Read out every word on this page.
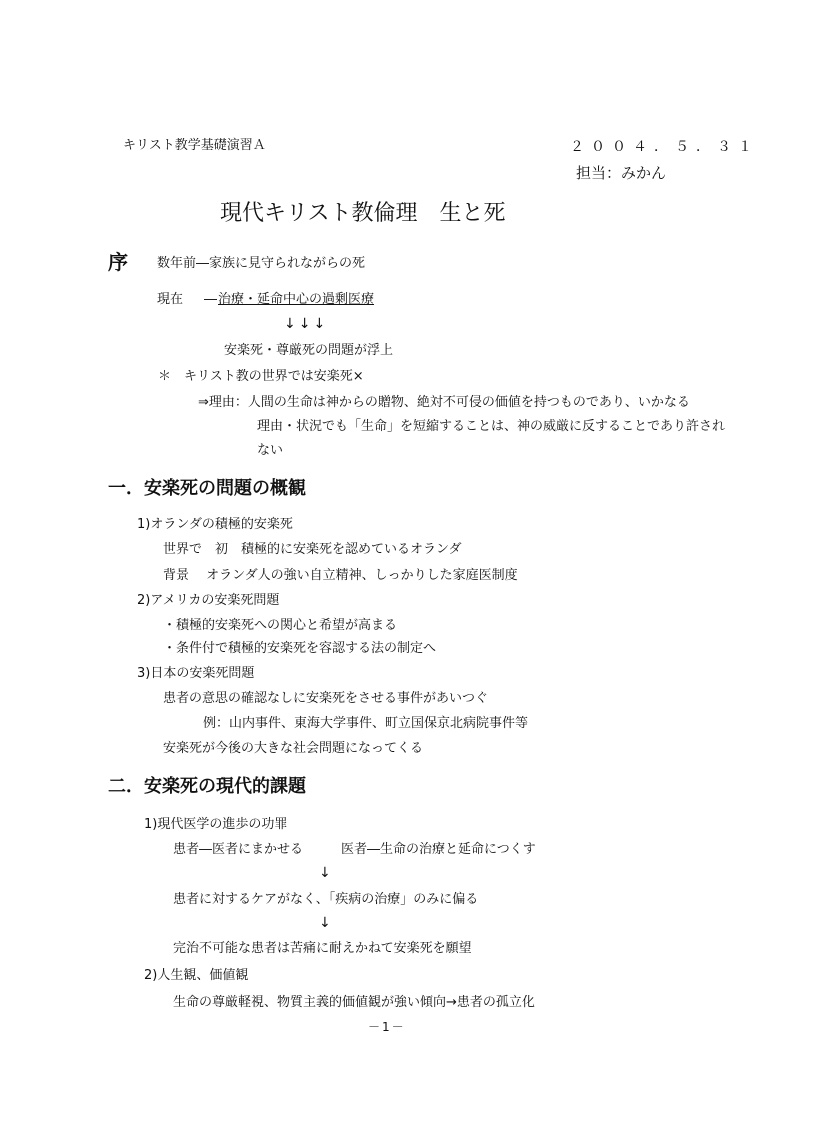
キリスト教学基礎演習Ａ	２００４．５．３１
担当：みかん
現代キリスト教倫理　生と死
序 数年前―家族に見守られながらの死
現在 ― 治療・延命中心の過剰医療
↓↓↓
安楽死・尊厳死の問題が浮上
＊　キリスト教の世界では安楽死×
⇒理由：人間の生命は神からの贈物、絶対不可侵の価値を持つものであり、いかなる
理由・状況でも「生命」を短縮することは、神の威厳に反することであり許され
ない
一．安楽死の問題の概観
1)オランダの積極的安楽死
世界で　初　積極的に安楽死を認めているオランダ
背景　 オランダ人の強い自立精神、しっかりした家庭医制度
2)アメリカの安楽死問題
・積極的安楽死への関心と希望が高まる
・条件付で積極的安楽死を容認する法の制定へ
3)日本の安楽死問題
患者の意思の確認なしに安楽死をさせる事件があいつぐ
例：山内事件、東海大学事件、町立国保京北病院事件等
安楽死が今後の大きな社会問題になってくる
二．安楽死の現代的課題
1)現代医学の進歩の功罪
患者―医者にまかせる	医者―生命の治療と延命につくす
↓
患者に対するケアがなく、「疾病の治療」のみに偏る
↓
完治不可能な患者は苦痛に耐えかねて安楽死を願望
2)人生観、価値観
生命の尊厳軽視、物質主義的価値観が強い傾向→患者の孤立化
－1－
